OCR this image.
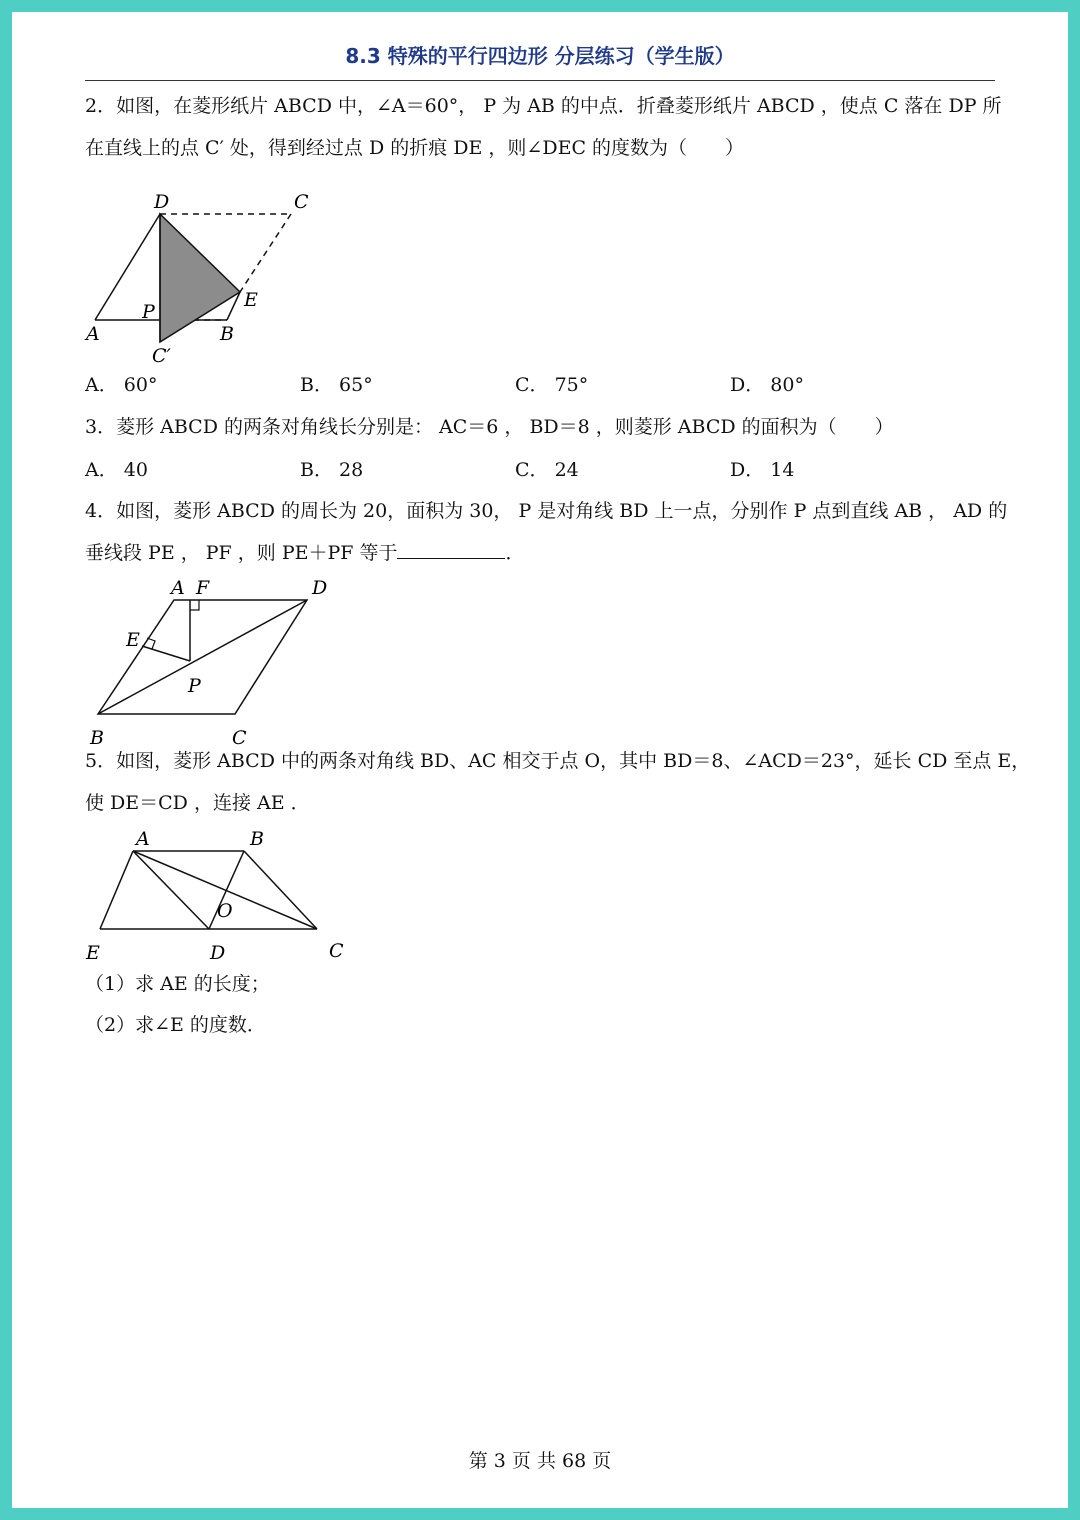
8.3 特殊的平行四边形 分层练习（学生版）
2．如图，在菱形纸片 ABCD 中，∠A＝60°， P 为 AB 的中点．折叠菱形纸片 ABCD ，使点 C 落在 DP 所
在直线上的点 C′ 处，得到经过点 D 的折痕 DE ，则∠DEC 的度数为（　　）
D	C
E
P
A	B
C′
A． 60°	B． 65°	C． 75°	D． 80°
3．菱形 ABCD 的两条对角线长分别是： AC＝6 ， BD＝8 ，则菱形 ABCD 的面积为（　　）
A． 40	B． 28	C． 24	D． 14
4．如图，菱形 ABCD 的周长为 20，面积为 30， P 是对角线 BD 上一点，分别作 P 点到直线 AB ， AD 的
垂线段 PE ， PF ，则 PE＋PF 等于	．
A F	D
E
P
B	C
5．如图，菱形 ABCD 中的两条对角线 BD、AC 相交于点 O，其中 BD＝8、∠ACD＝23°，延长 CD 至点 E，
使 DE＝CD ，连接 AE ．
A	B
O
E	D	C
（1）求 AE 的长度；
（2）求∠E 的度数．
第 3 页 共 68 页
